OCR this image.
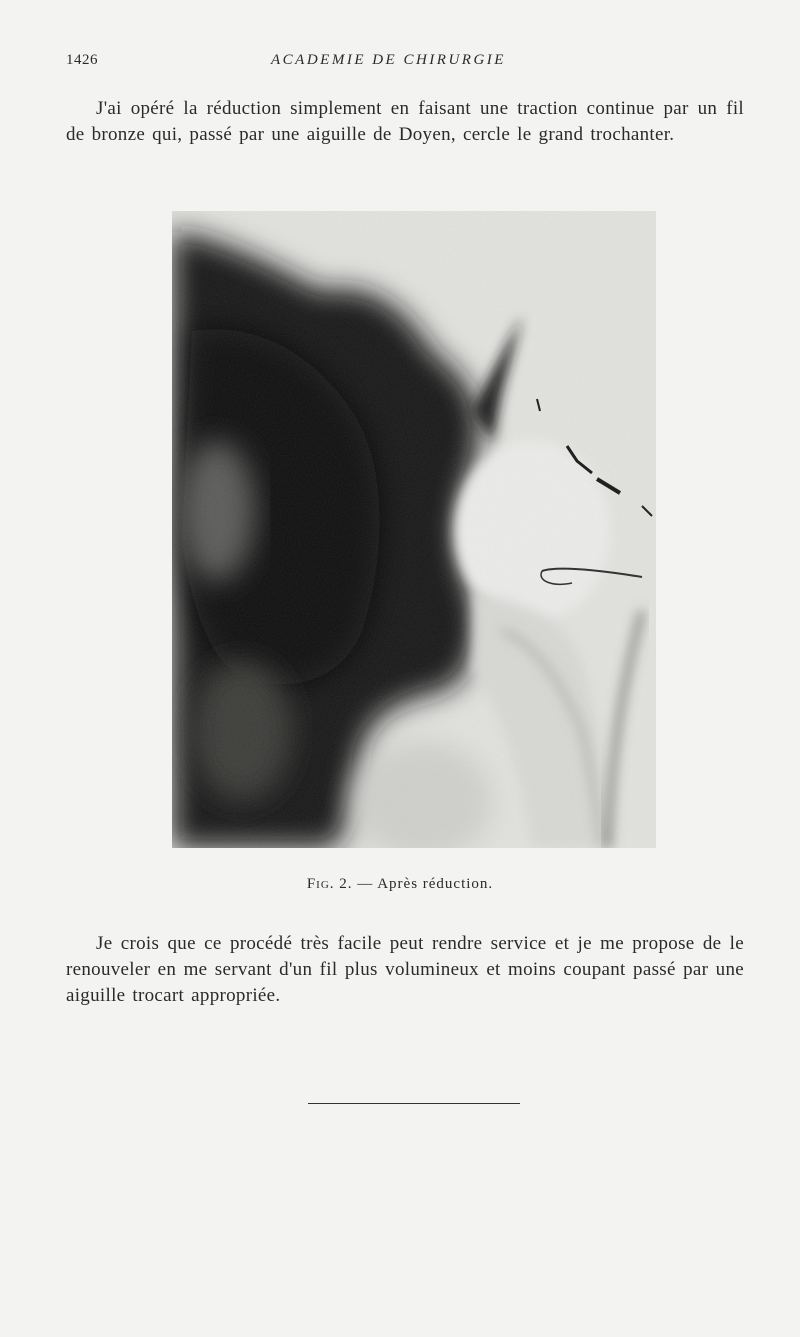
1426	ACADEMIE DE CHIRURGIE

J'ai opéré la réduction simplement en faisant une traction continue par un fil de bronze qui, passé par une aiguille de Doyen, cercle le grand trochanter.

Fig. 2. — Après réduction.

Je crois que ce procédé très facile peut rendre service et je me propose de le renouveler en me servant d'un fil plus volumineux et moins coupant passé par une aiguille trocart appropriée.
